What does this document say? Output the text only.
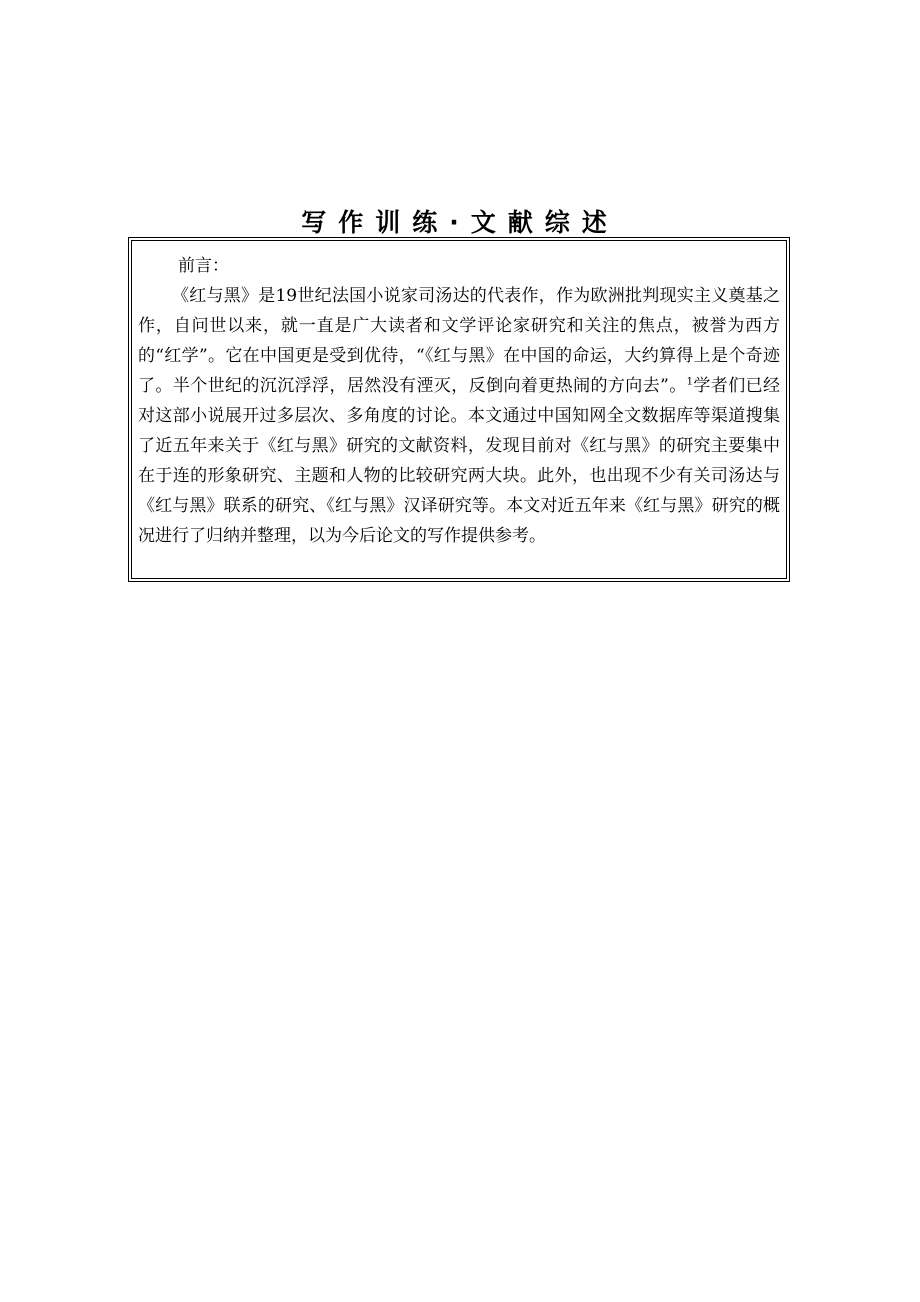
写作训练·文献综述

前言：

《红与黑》是19世纪法国小说家司汤达的代表作，作为欧洲批判现实主义奠基之作，自问世以来，就一直是广大读者和文学评论家研究和关注的焦点，被誉为西方的“红学”。它在中国更是受到优待，“《红与黑》在中国的命运，大约算得上是个奇迹了。半个世纪的沉沉浮浮，居然没有湮灭，反倒向着更热闹的方向去”。$^1$学者们已经对这部小说展开过多层次、多角度的讨论。本文通过中国知网全文数据库等渠道搜集了近五年来关于《红与黑》研究的文献资料，发现目前对《红与黑》的研究主要集中在于连的形象研究、主题和人物的比较研究两大块。此外，也出现不少有关司汤达与《红与黑》联系的研究、《红与黑》汉译研究等。本文对近五年来《红与黑》研究的概况进行了归纳并整理，以为今后论文的写作提供参考。
